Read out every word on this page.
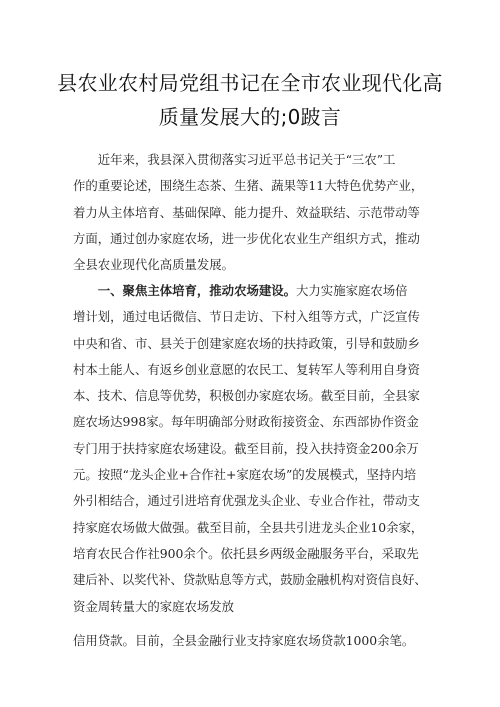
县农业农村局党组书记在全市农业现代化高
质量发展大的;0跛言
　　近年来，我县深入贯彻落实习近平总书记关于“三农”工
作的重要论述，围绕生态茶、生猪、蔬果等11大特色优势产业，
着力从主体培育、基础保障、能力提升、效益联结、示范带动等
方面，通过创办家庭农场，进一步优化农业生产组织方式，推动
全县农业现代化高质量发展。
　　一、聚焦主体培育，推动农场建设。大力实施家庭农场倍
增计划，通过电话微信、节日走访、下村入组等方式，广泛宣传
中央和省、市、县关于创建家庭农场的扶持政策，引导和鼓励乡
村本土能人、有返乡创业意愿的农民工、复转军人等利用自身资
本、技术、信息等优势，积极创办家庭农场。截至目前，全县家
庭农场达998家。每年明确部分财政衔接资金、东西部协作资金
专门用于扶持家庭农场建设。截至目前，投入扶持资金200余万
元。按照“龙头企业+合作社+家庭农场”的发展模式，坚持内培
外引相结合，通过引进培育优强龙头企业、专业合作社，带动支
持家庭农场做大做强。截至目前，全县共引进龙头企业10余家，
培育农民合作社900余个。依托县乡两级金融服务平台，采取先
建后补、以奖代补、贷款贴息等方式，鼓励金融机构对资信良好、
资金周转量大的家庭农场发放
信用贷款。目前，全县金融行业支持家庭农场贷款1000余笔。
